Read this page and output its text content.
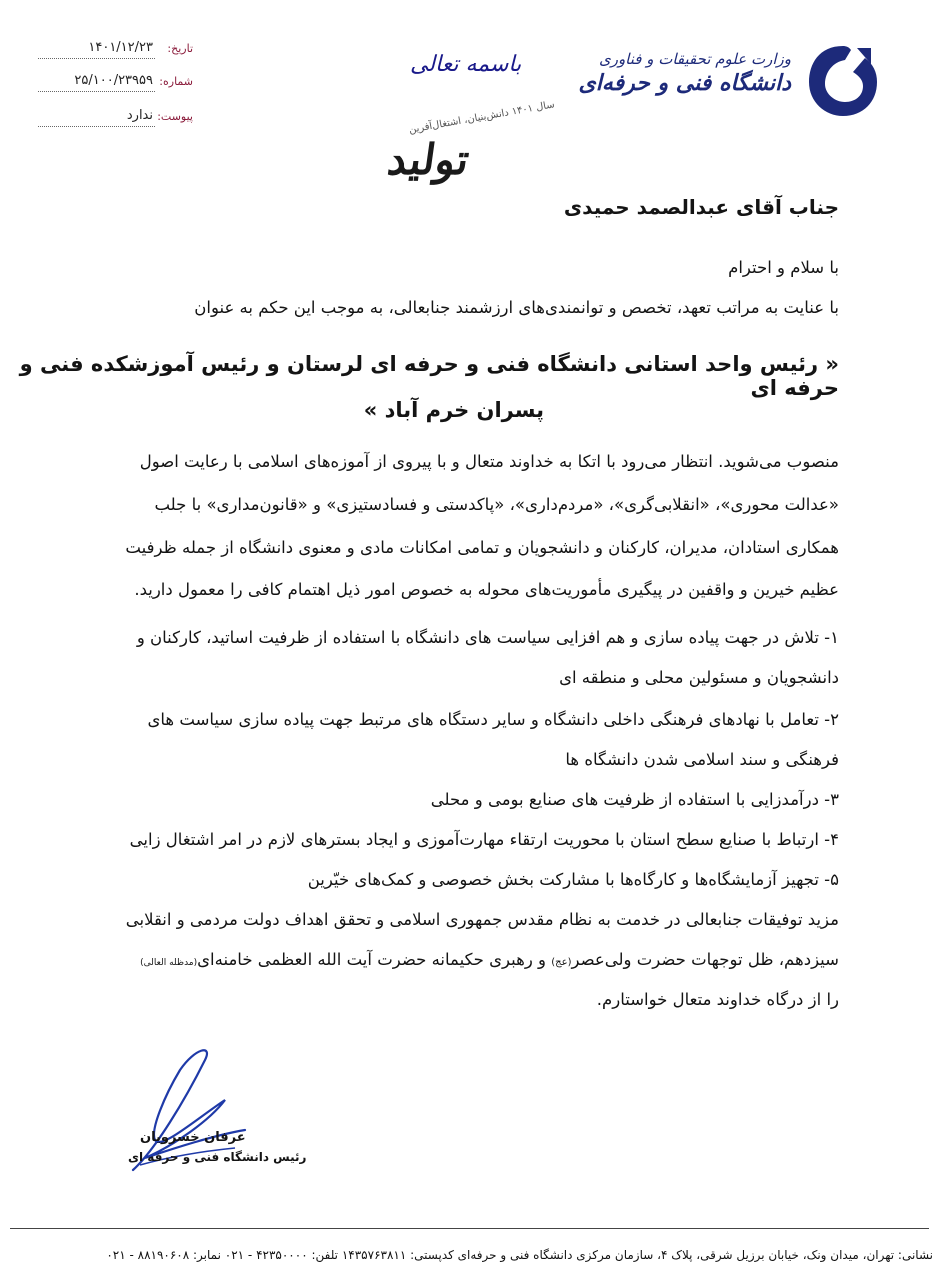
وزارت علوم تحقیقات و فناوری
دانشگاه فنی و حرفه‌ای
باسمه تعالی
سال ۱۴۰۱ دانش‌بنیان، اشتغال‌آفرین
تولید
تاریخ:
۱۴۰۱/۱۲/۲۳
شماره:
۲۵/۱۰۰/۲۳۹۵۹
پیوست:
ندارد
جناب آقای عبدالصمد حمیدی
با سلام و احترام
با عنایت به مراتب تعهد، تخصص و توانمندی‌های ارزشمند جنابعالی، به موجب این حکم به عنوان
« رئیس واحد استانی دانشگاه فنی و حرفه ای لرستان و رئیس آموزشکده فنی و حرفه ای
پسران خرم آباد »
منصوب می‌شوید. انتظار می‌رود با اتکا به خداوند متعال و با پیروی از آموزه‌های اسلامی با رعایت اصول
«عدالت محوری»، «انقلابی‌گری»، «مردم‌داری»، «پاکدستی و فسادستیزی» و «قانون‌مداری» با جلب
همکاری استادان، مدیران، کارکنان و دانشجویان و تمامی امکانات مادی و معنوی دانشگاه از جمله ظرفیت
عظیم خیرین و واقفین در پیگیری مأموریت‌های محوله به خصوص امور ذیل اهتمام کافی را معمول دارید.
۱- تلاش در جهت پیاده سازی و هم افزایی سیاست های دانشگاه با استفاده از ظرفیت اساتید، کارکنان و
دانشجویان و مسئولین محلی و منطقه ای
۲- تعامل با نهادهای فرهنگی داخلی دانشگاه و سایر دستگاه های مرتبط جهت پیاده سازی سیاست های
فرهنگی و سند اسلامی شدن دانشگاه ها
۳- درآمدزایی با استفاده از ظرفیت های صنایع بومی و محلی
۴- ارتباط با صنایع سطح استان با محوریت ارتقاء مهارت‌آموزی و ایجاد بسترهای لازم در امر اشتغال زایی
۵- تجهیز آزمایشگاه‌ها و کارگاه‌ها با مشارکت بخش خصوصی و کمک‌های خیّرین
مزید توفیقات جنابعالی در خدمت به نظام مقدس جمهوری اسلامی و تحقق اهداف دولت مردمی و انقلابی
سیزدهم، ظل توجهات حضرت ولی‌عصر(عج) و رهبری حکیمانه حضرت آیت الله العظمی خامنه‌ای(مدظله العالی)
را از درگاه خداوند متعال خواستارم.
عرفان خسرویان
رئیس دانشگاه فنی و حرفه ای
نشانی: تهران، میدان ونک، خیابان برزیل شرقی، پلاک ۴، سازمان مرکزی دانشگاه فنی و حرفه‌ای کدپستی: ۱۴۳۵۷۶۳۸۱۱ تلفن: ۴۲۳۵۰۰۰۰ - ۰۲۱ نمابر: ۸۸۱۹۰۶۰۸ - ۰۲۱
